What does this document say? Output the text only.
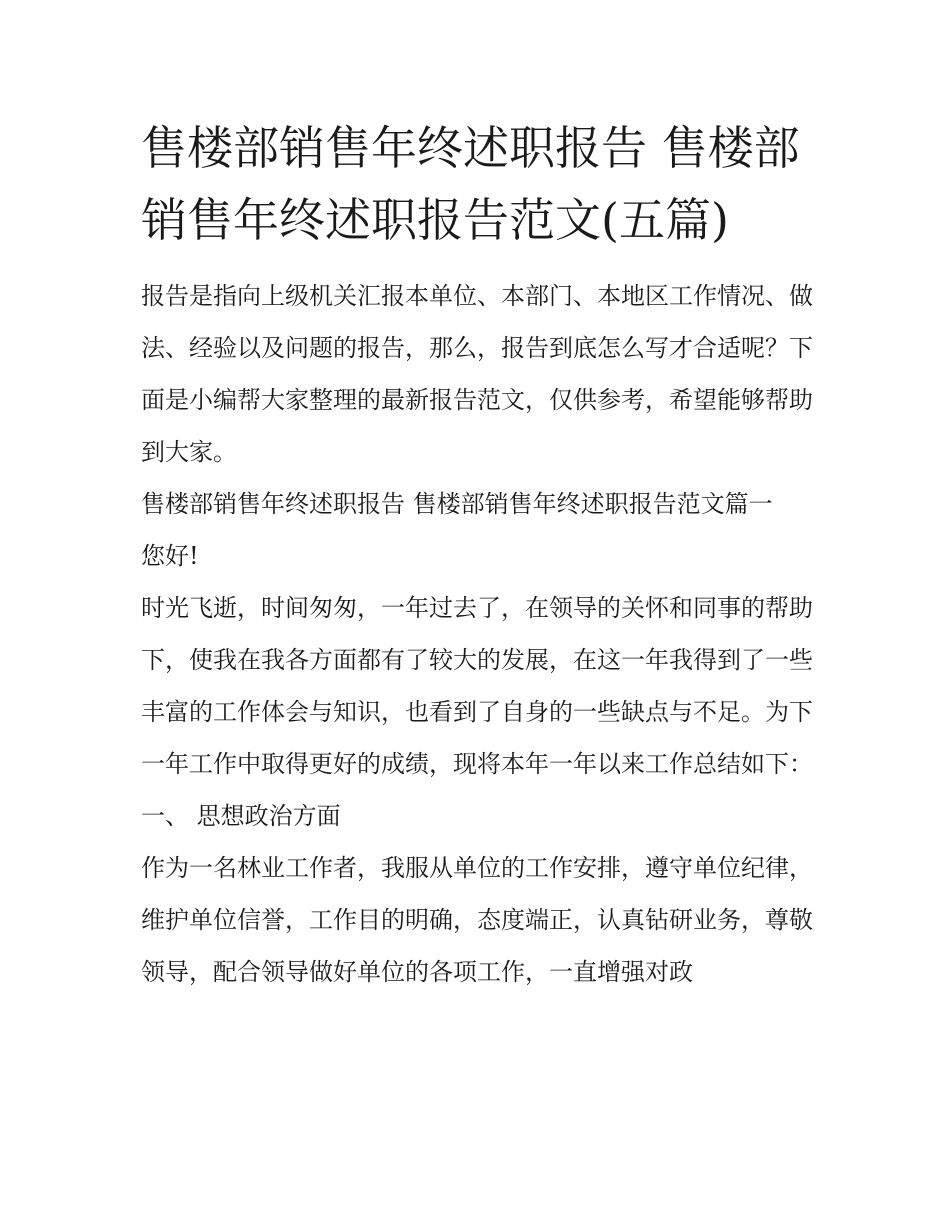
售楼部销售年终述职报告 售楼部销售年终述职报告范文(五篇)

报告是指向上级机关汇报本单位、本部门、本地区工作情况、做法、经验以及问题的报告，那么，报告到底怎么写才合适呢？下面是小编帮大家整理的最新报告范文，仅供参考，希望能够帮助到大家。

售楼部销售年终述职报告 售楼部销售年终述职报告范文篇一

您好!

时光飞逝，时间匆匆，一年过去了，在领导的关怀和同事的帮助下，使我在我各方面都有了较大的发展，在这一年我得到了一些丰富的工作体会与知识，也看到了自身的一些缺点与不足。为下一年工作中取得更好的成绩，现将本年一年以来工作总结如下：

一、 思想政治方面

作为一名林业工作者，我服从单位的工作安排，遵守单位纪律，维护单位信誉，工作目的明确，态度端正，认真钻研业务，尊敬领导，配合领导做好单位的各项工作，一直增强对政
